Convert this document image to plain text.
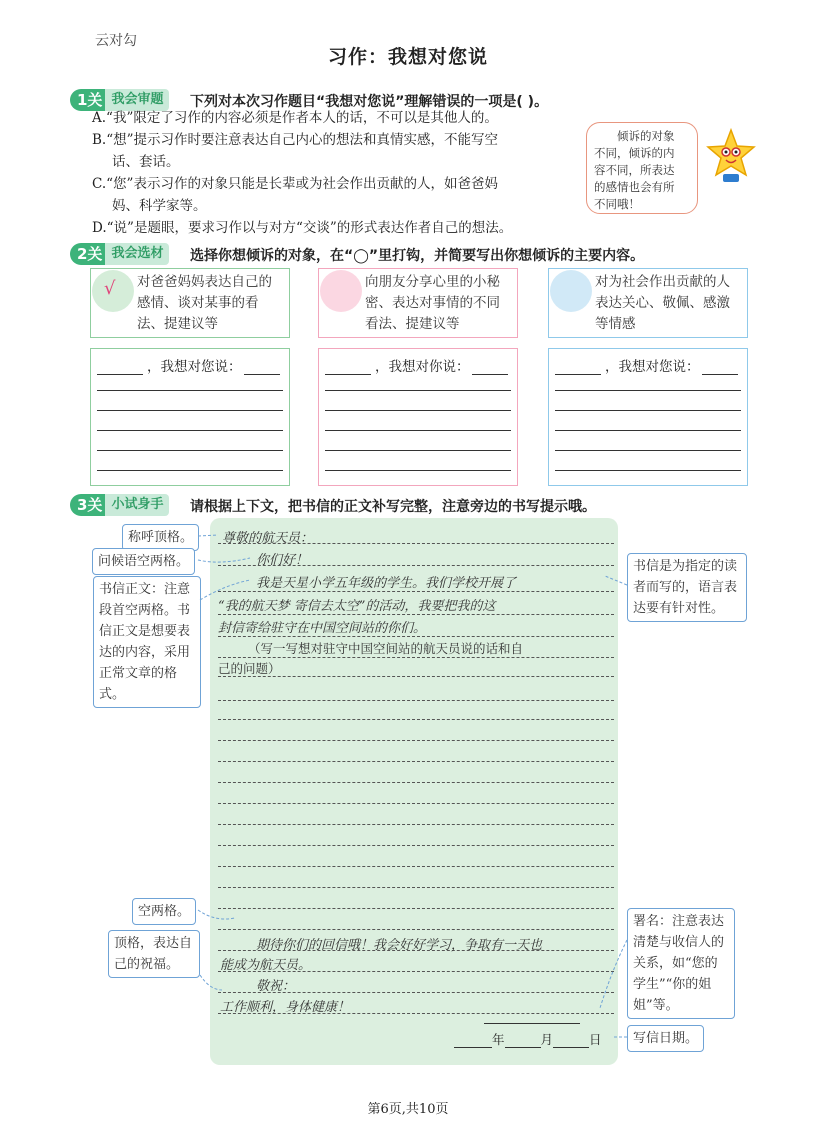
云对勾
习作：我想对您说
1关 我会审题	下列对本次习作题目“我想对您说”理解错误的一项是( )。
A.“我”限定了习作的内容必须是作者本人的话，不可以是其他人的。
B.“想”提示习作时要注意表达自己内心的想法和真情实感，不能写空
话、套话。
C.“您”表示习作的对象只能是长辈或为社会作出贡献的人，如爸爸妈
妈、科学家等。
D.“说”是题眼，要求习作以与对方“交谈”的形式表达作者自己的想法。
倾诉的对象
不同，倾诉的内
容不同，所表达
的感情也会有所
不同哦！
2关 我会选材	选择你想倾诉的对象，在“◯”里打钩，并简要写出你想倾诉的主要内容。
√	对爸爸妈妈表达自己的感情、谈对某事的看法、提建议等
向朋友分享心里的小秘密、表达对事情的不同看法、提建议等
对为社会作出贡献的人表达关心、敬佩、感激等情感
，我想对您说：	，我想对你说：	，我想对您说：
3关 小试身手	请根据上下文，把书信的正文补写完整，注意旁边的书写提示哦。
尊敬的航天员：
你们好！
我是天星小学五年级的学生。我们学校开展了
“我的航天梦 寄信去太空”的活动，我要把我的这
封信寄给驻守在中国空间站的你们。
（写一写想对驻守中国空间站的航天员说的话和自
己的问题）
期待你们的回信哦！我会好好学习，争取有一天也
能成为航天员。
敬祝：
工作顺利，身体健康！
年	月	日
称呼顶格。
问候语空两格。
书信正文：注意段首空两格。书信正文是想要表达的内容，采用正常文章的格式。
书信是为指定的读者而写的，语言表达要有针对性。
空两格。
顶格，表达自己的祝福。
署名：注意表达清楚与收信人的关系，如“您的学生”“你的姐姐”等。
写信日期。
第6页,共10页
